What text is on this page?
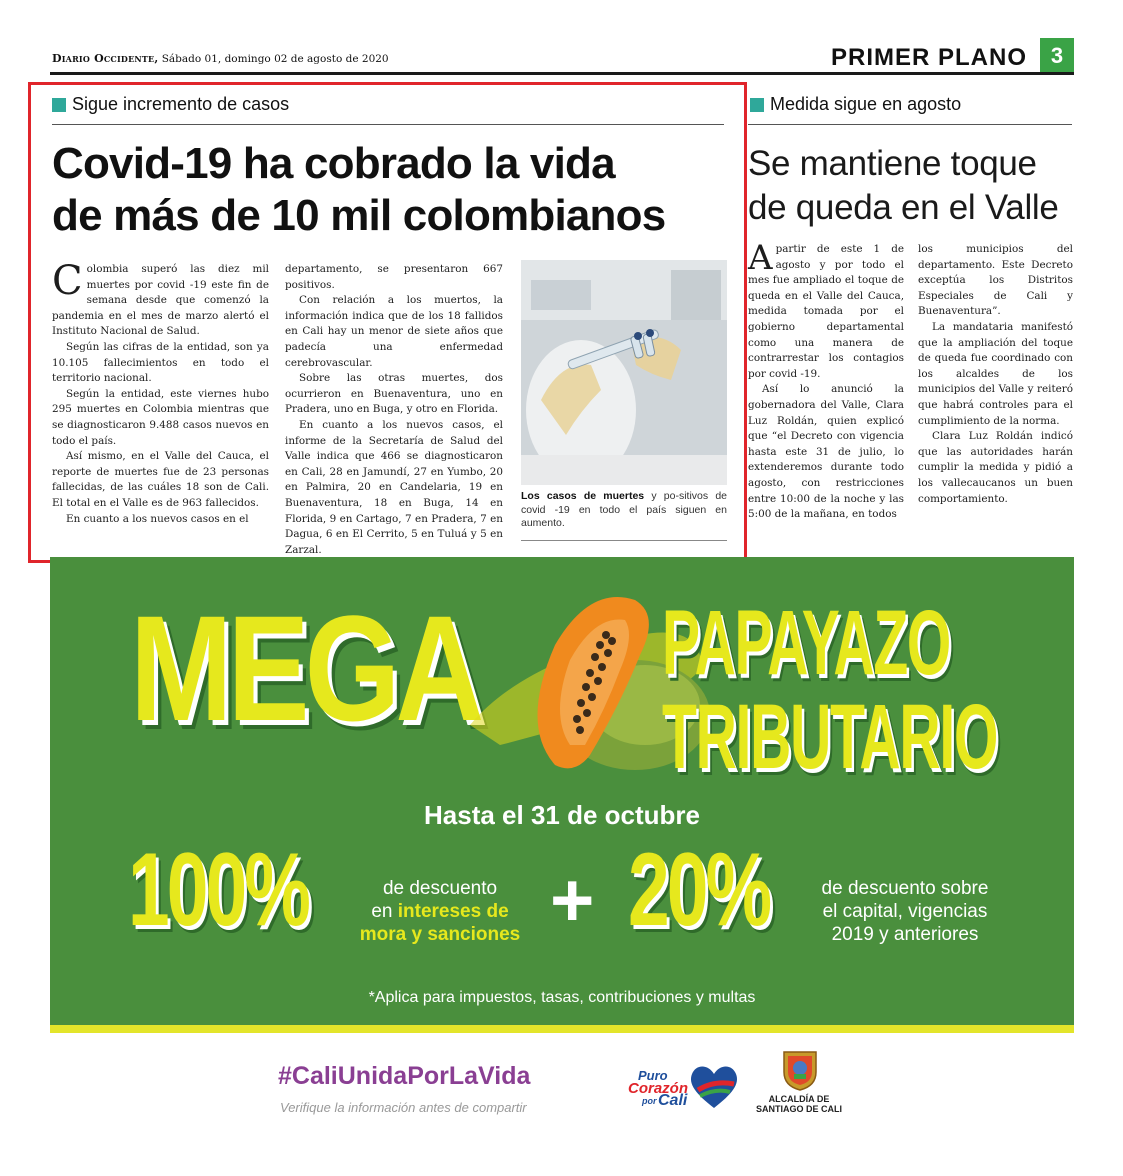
Diario Occidente, Sábado 01, domingo 02 de agosto de 2020	PRIMER PLANO	3
Sigue incremento de casos
Covid-19 ha cobrado la vida
de más de 10 mil colombianos

Colombia superó las diez mil muertes por covid -19 este fin de semana desde que comenzó la pandemia en el mes de marzo alertó el Instituto Nacional de Salud.

Según las cifras de la entidad, son ya 10.105 fallecimientos en todo el territorio nacional.

Según la entidad, este viernes hubo 295 muertes en Colombia mientras que se diagnosticaron 9.488 casos nuevos en todo el país.

Así mismo, en el Valle del Cauca, el reporte de muertes fue de 23 personas fallecidas, de las cuáles 18 son de Cali. El total en el Valle es de 963 fallecidos.

En cuanto a los nuevos casos en el

departamento, se presentaron 667 positivos.

Con relación a los muertos, la información indica que de los 18 fallidos en Cali hay un menor de siete años que padecía una enfermedad cerebrovascular.

Sobre las otras muertes, dos ocurrieron en Buenaventura, uno en Pradera, uno en Buga, y otro en Florida.

En cuanto a los nuevos casos, el informe de la Secretaría de Salud del Valle indica que 466 se diagnosticaron en Cali, 28 en Jamundí, 27 en Yumbo, 20 en Palmira, 20 en Candelaria, 19 en Buenaventura, 18 en Buga, 14 en Florida, 9 en Cartago, 7 en Pradera, 7 en Dagua, 6 en El Cerrito, 5 en Tuluá y 5 en Zarzal.

Los casos de muertes y po-sitivos de covid -19 en todo el país siguen en aumento.
Medida sigue en agosto
Se mantiene toque
de queda en el Valle

Apartir de este 1 de agosto y por todo el mes fue ampliado el toque de queda en el Valle del Cauca, medida tomada por el gobierno departamental como una manera de contrarrestar los contagios por covid -19.

Así lo anunció la gobernadora del Valle, Clara Luz Roldán, quien explicó que “el Decreto con vigencia hasta este 31 de julio, lo extenderemos durante todo agosto, con restricciones entre 10:00 de la noche y las 5:00 de la mañana, en todos

los municipios del departamento. Este Decreto exceptúa los Distritos Especiales de Cali y Buenaventura”.

La mandataria manifestó que la ampliación del toque de queda fue coordinado con los alcaldes de los municipios del Valle y reiteró que habrá controles para el cumplimiento de la norma.

Clara Luz Roldán indicó que las autoridades harán cumplir la medida y pidió a los vallecaucanos un buen comportamiento.

MEGA PAPAYAZO
TRIBUTARIO
Hasta el 31 de octubre
100%	de descuento
en intereses de
mora y sanciones + 20%	de descuento sobre
el capital, vigencias
2019 y anteriores
*Aplica para impuestos, tasas, contribuciones y multas
#CaliUnidaPorLaVida
Verifique la información antes de compartir
Puro
Corazón
por Cali	ALCALDÍA DE
SANTIAGO DE CALI
